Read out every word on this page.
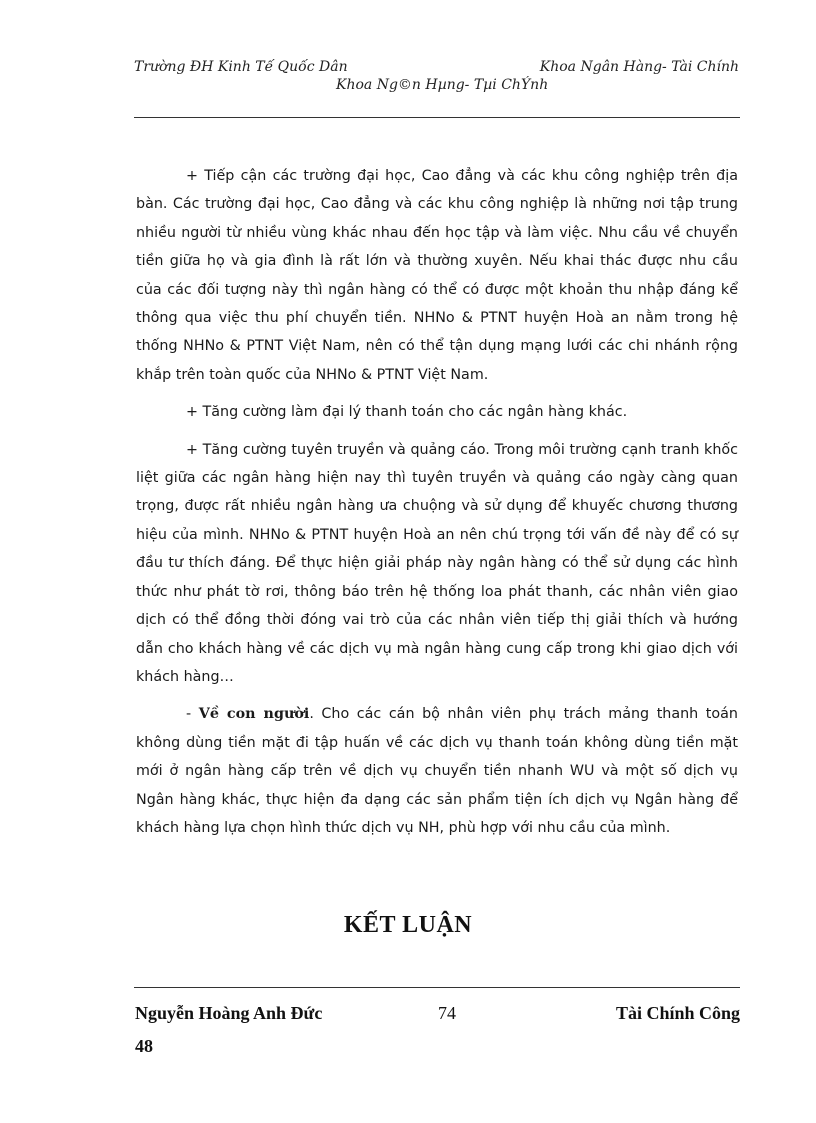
Trường ĐH Kinh Tế Quốc Dân	Khoa Ngân Hàng- Tài Chính
Khoa Ng©n Hµng- Tµi ChÝnh

+ Tiếp cận các trường đại học, Cao đẳng và các khu công nghiệp trên địa bàn. Các trường đại học, Cao đẳng và các khu công nghiệp là những nơi tập trung nhiều người từ nhiều vùng khác nhau đến học tập và làm việc. Nhu cầu về chuyển tiền giữa họ và gia đình là rất lớn và thường xuyên. Nếu khai thác được nhu cầu của các đối tượng này thì ngân hàng có thể có được một khoản thu nhập đáng kể thông qua việc thu phí chuyển tiền. NHNo & PTNT huyện Hoà an nằm trong hệ thống NHNo & PTNT Việt Nam, nên có thể tận dụng mạng lưới các chi nhánh rộng khắp trên toàn quốc của NHNo & PTNT Việt Nam.

+ Tăng cường làm đại lý thanh toán cho các ngân hàng khác.

+ Tăng cường tuyên truyền và quảng cáo. Trong môi trường cạnh tranh khốc liệt giữa các ngân hàng hiện nay thì tuyên truyền và quảng cáo ngày càng quan trọng, được rất nhiều ngân hàng ưa chuộng và sử dụng để khuyếc chương thương hiệu của mình. NHNo & PTNT huyện Hoà an nên chú trọng tới vấn đề này để có sự đầu tư thích đáng. Để thực hiện giải pháp này ngân hàng có thể sử dụng các hình thức như phát tờ rơi, thông báo trên hệ thống loa phát thanh, các nhân viên giao dịch có thể đồng thời đóng vai trò của các nhân viên tiếp thị giải thích và hướng dẫn cho khách hàng về các dịch vụ mà ngân hàng cung cấp trong khi giao dịch với khách hàng…

- Về con người. Cho các cán bộ nhân viên phụ trách mảng thanh toán không dùng tiền mặt đi tập huấn về các dịch vụ thanh toán không dùng tiền mặt mới ở ngân hàng cấp trên về dịch vụ chuyển tiền nhanh WU và một số dịch vụ Ngân hàng khác, thực hiện đa dạng các sản phẩm tiện ích dịch vụ Ngân hàng để khách hàng lựa chọn hình thức dịch vụ NH, phù hợp với nhu cầu của mình.

KẾT LUẬN
Nguyễn Hoàng Anh Đức	74	Tài Chính Công
48
